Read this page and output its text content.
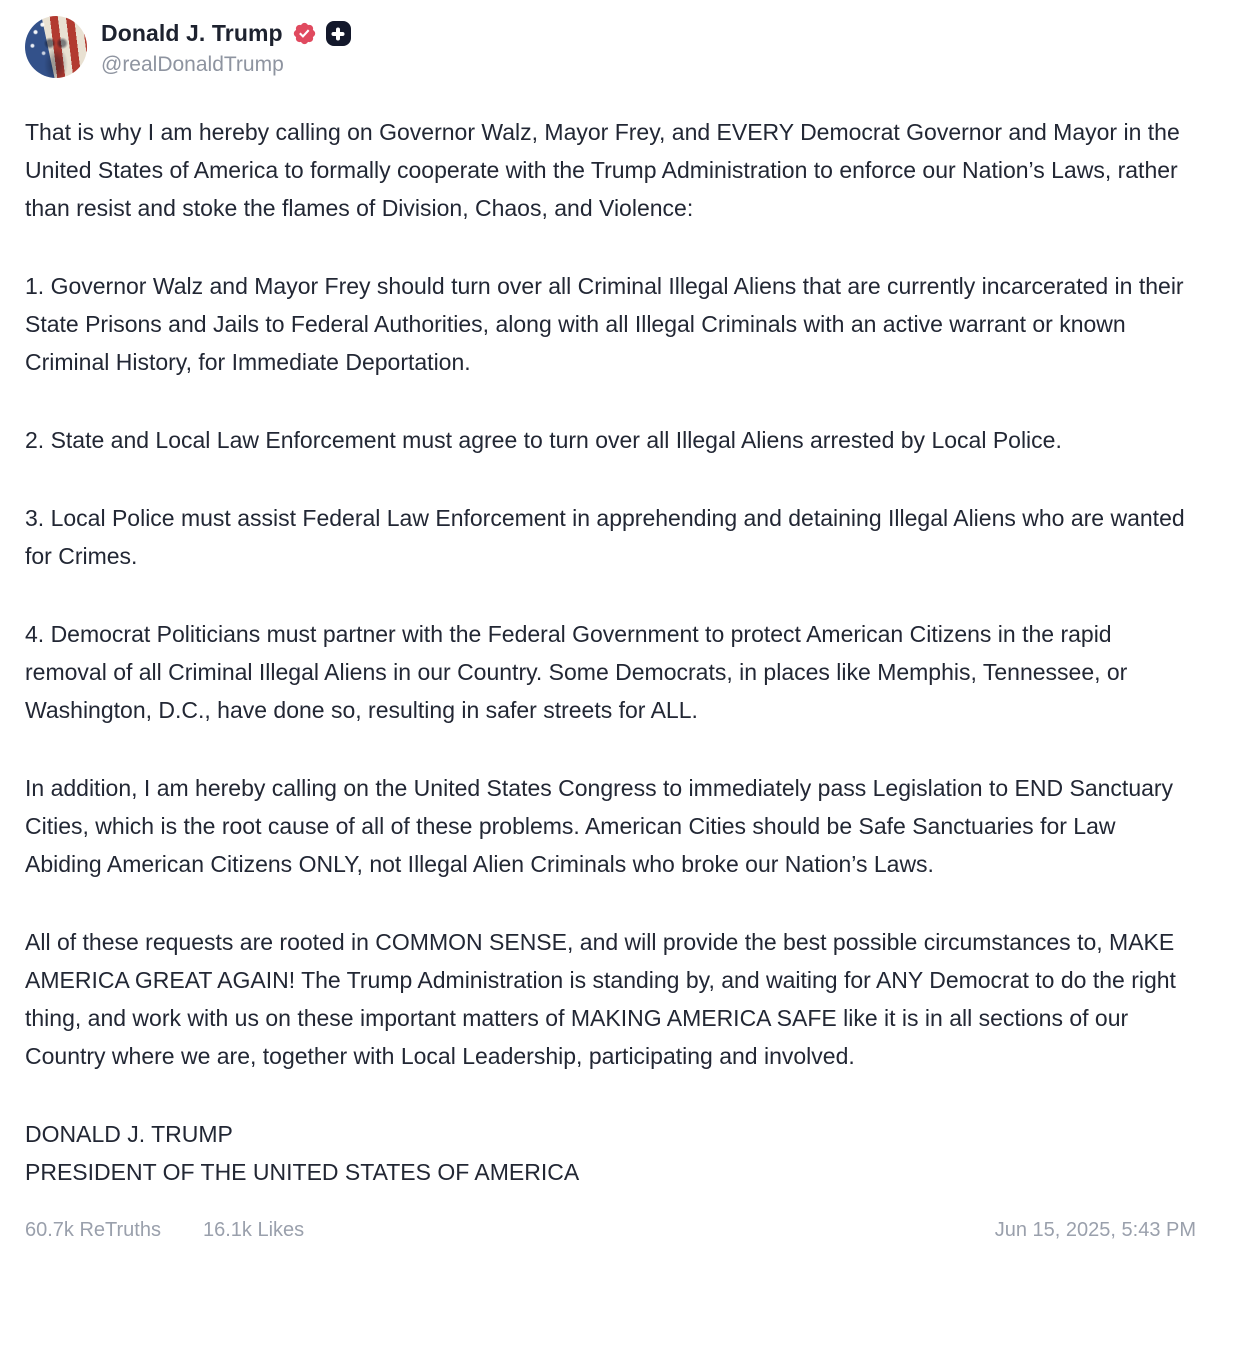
Donald J. Trump
@realDonaldTrump

That is why I am hereby calling on Governor Walz, Mayor Frey, and EVERY Democrat Governor and Mayor in the United States of America to formally cooperate with the Trump Administration to enforce our Nation’s Laws, rather than resist and stoke the flames of Division, Chaos, and Violence:

1. Governor Walz and Mayor Frey should turn over all Criminal Illegal Aliens that are currently incarcerated in their State Prisons and Jails to Federal Authorities, along with all Illegal Criminals with an active warrant or known Criminal History, for Immediate Deportation.

2. State and Local Law Enforcement must agree to turn over all Illegal Aliens arrested by Local Police.

3. Local Police must assist Federal Law Enforcement in apprehending and detaining Illegal Aliens who are wanted for Crimes.

4. Democrat Politicians must partner with the Federal Government to protect American Citizens in the rapid removal of all Criminal Illegal Aliens in our Country. Some Democrats, in places like Memphis, Tennessee, or Washington, D.C., have done so, resulting in safer streets for ALL.

In addition, I am hereby calling on the United States Congress to immediately pass Legislation to END Sanctuary Cities, which is the root cause of all of these problems. American Cities should be Safe Sanctuaries for Law Abiding American Citizens ONLY, not Illegal Alien Criminals who broke our Nation’s Laws.

All of these requests are rooted in COMMON SENSE, and will provide the best possible circumstances to, MAKE AMERICA GREAT AGAIN! The Trump Administration is standing by, and waiting for ANY Democrat to do the right thing, and work with us on these important matters of MAKING AMERICA SAFE like it is in all sections of our Country where we are, together with Local Leadership, participating and involved.

DONALD J. TRUMP

PRESIDENT OF THE UNITED STATES OF AMERICA

60.7k ReTruths 16.1k Likes	Jun 15, 2025, 5:43 PM
